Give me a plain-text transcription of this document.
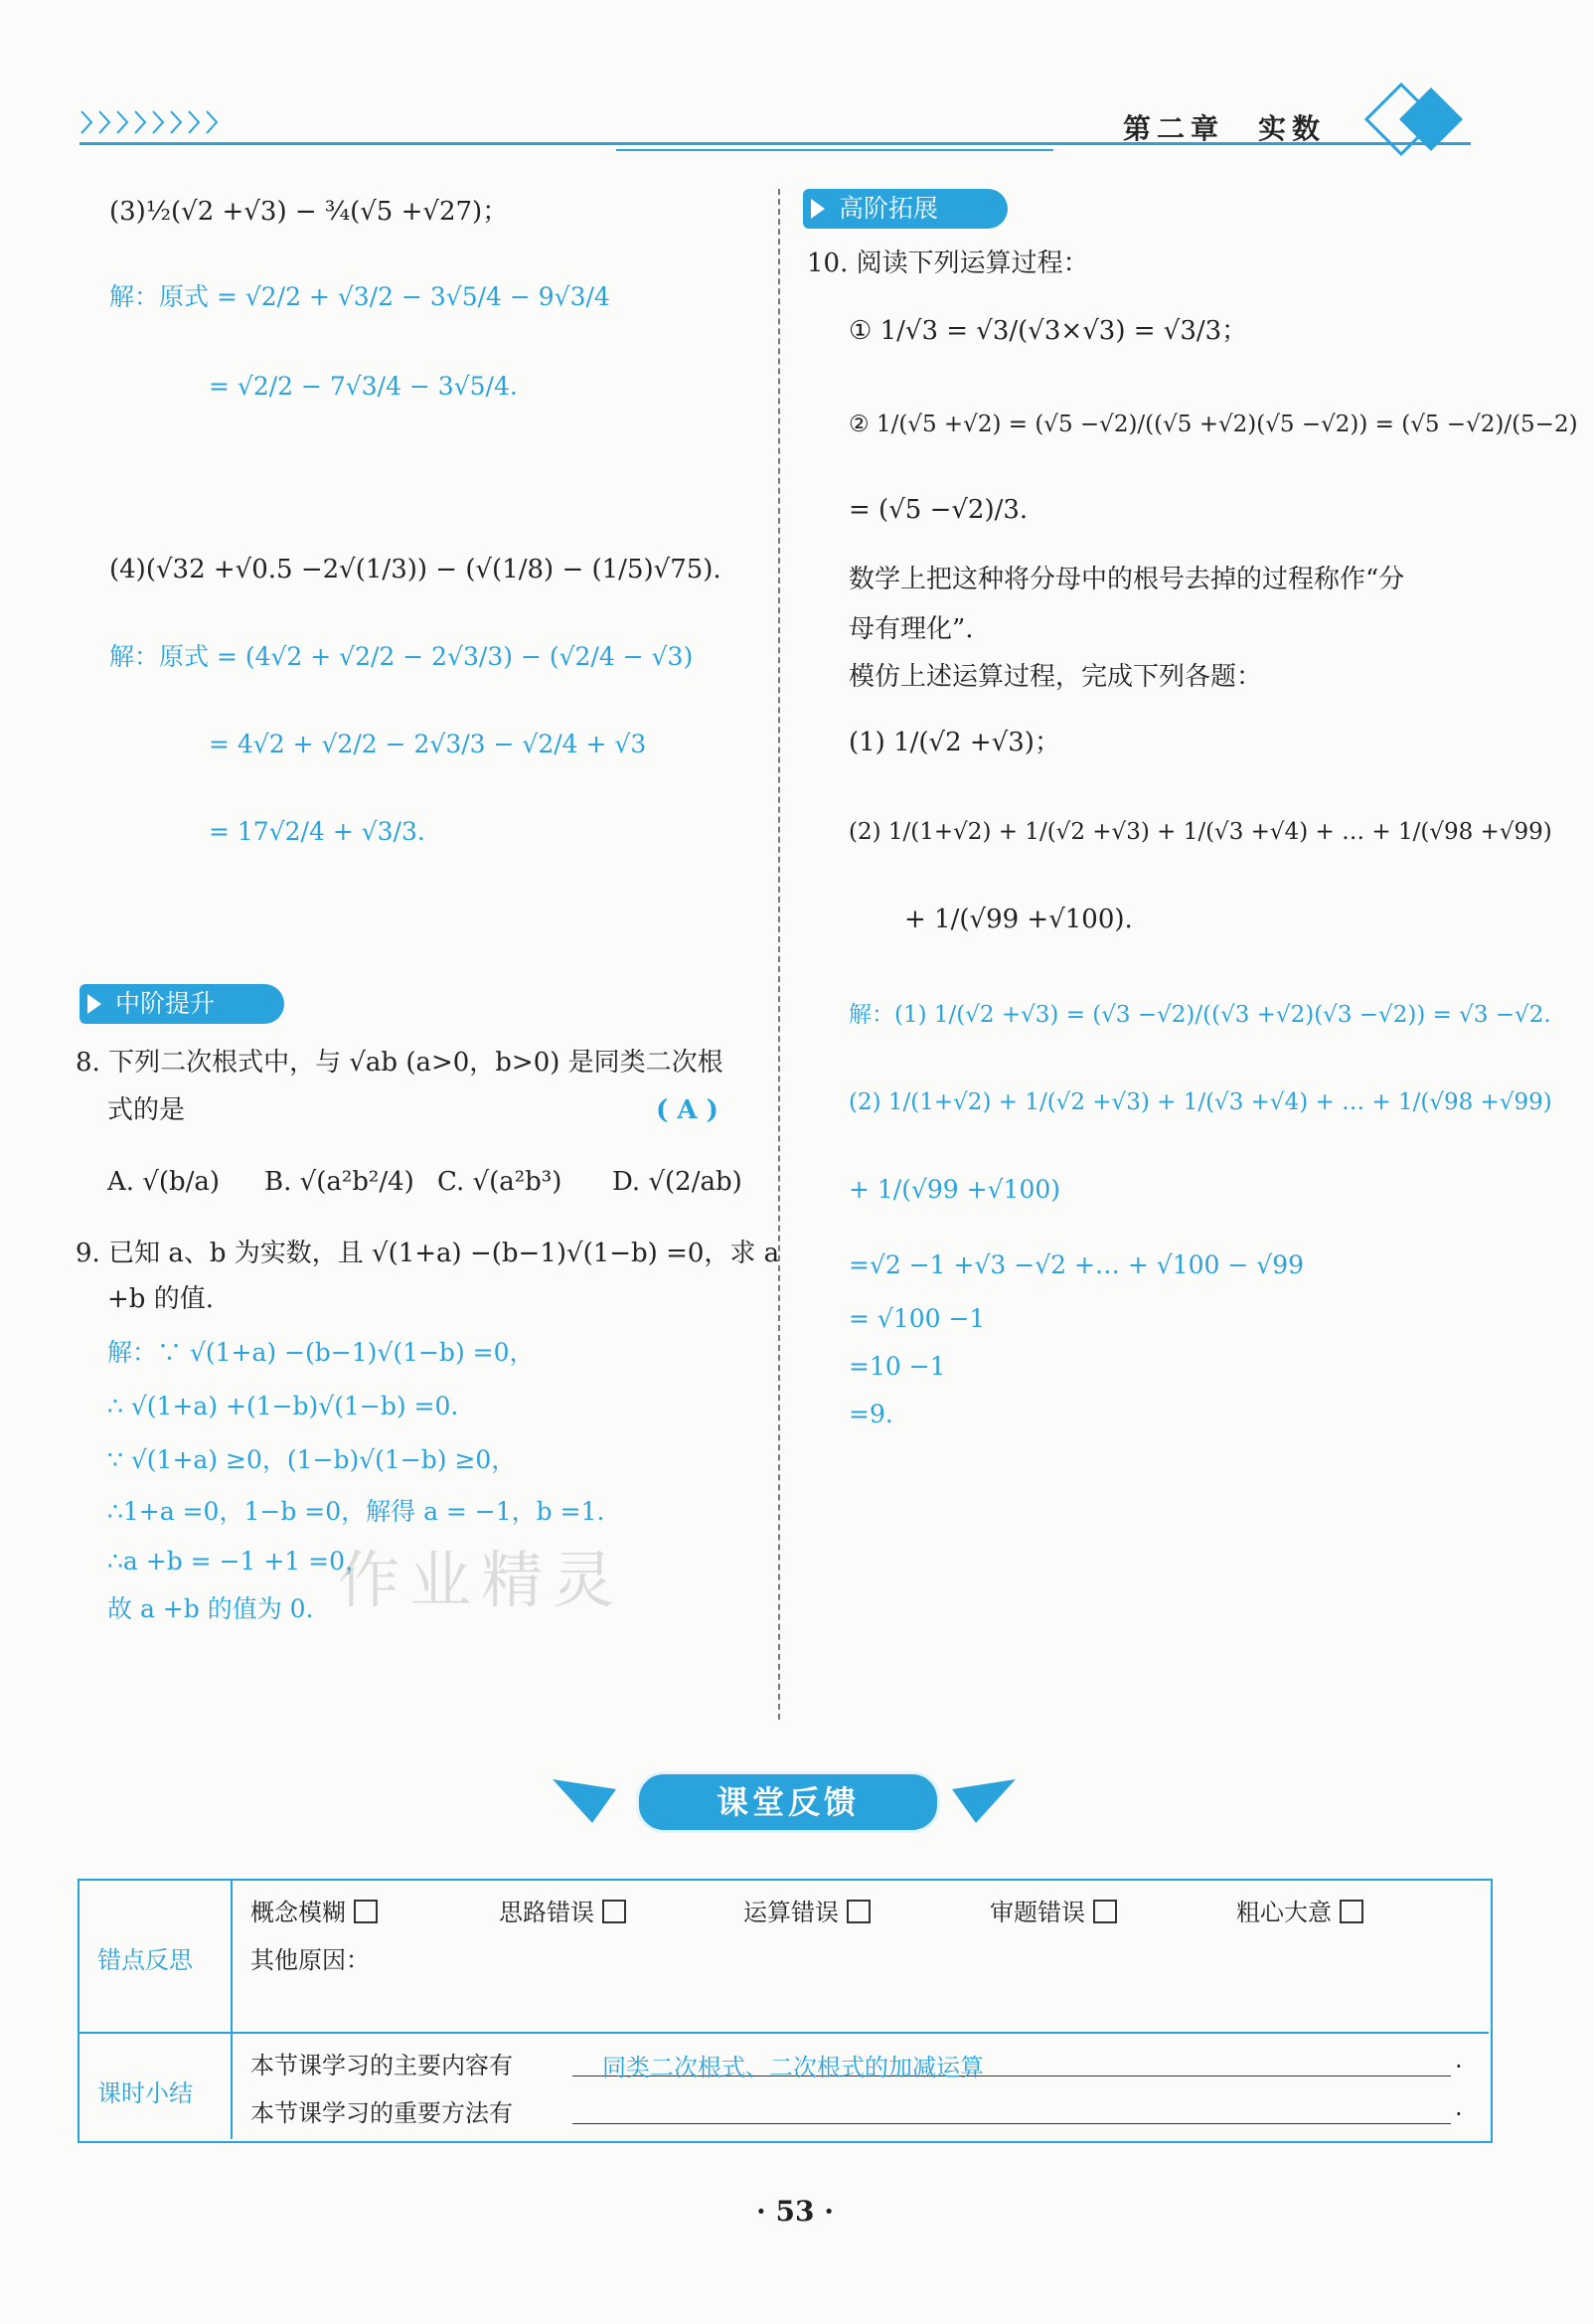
第二章　实数
(3)½(√2 +√3) − ¾(√5 +√27)；
解：原式 = √2/2 + √3/2 − 3√5/4 − 9√3/4
= √2/2 − 7√3/4 − 3√5/4.
(4)(√32 +√0.5 −2√(1/3)) − (√(1/8) − (1/5)√75).
解：原式 = (4√2 + √2/2 − 2√3/3) − (√2/4 − √3)
= 4√2 + √2/2 − 2√3/3 − √2/4 + √3
= 17√2/4 + √3/3.
中阶提升
8. 下列二次根式中，与 √ab (a>0，b>0) 是同类二次根
式的是	( A )
A. √(b/a) B. √(a²b²/4) C. √(a²b³) D. √(2/ab)
9. 已知 a、b 为实数，且 √(1+a) −(b−1)√(1−b) =0，求 a
+b 的值.
解：∵ √(1+a) −(b−1)√(1−b) =0，
∴ √(1+a) +(1−b)√(1−b) =0.
∵ √(1+a) ≥0，(1−b)√(1−b) ≥0，
∴1+a =0，1−b =0，解得 a = −1，b =1.
∴a +b = −1 +1 =0，
故 a +b 的值为 0. 作业精灵
高阶拓展
10. 阅读下列运算过程：
① 1/√3 = √3/(√3×√3) = √3/3；
② 1/(√5 +√2) = (√5 −√2)/((√5 +√2)(√5 −√2)) = (√5 −√2)/(5−2)
= (√5 −√2)/3.
数学上把这种将分母中的根号去掉的过程称作“分
母有理化”.
模仿上述运算过程，完成下列各题：
(1) 1/(√2 +√3)；
(2) 1/(1+√2) + 1/(√2 +√3) + 1/(√3 +√4) + … + 1/(√98 +√99)
+ 1/(√99 +√100).
解：(1) 1/(√2 +√3) = (√3 −√2)/((√3 +√2)(√3 −√2)) = √3 −√2.
(2) 1/(1+√2) + 1/(√2 +√3) + 1/(√3 +√4) + … + 1/(√98 +√99)
+ 1/(√99 +√100)
=√2 −1 +√3 −√2 +… + √100 − √99
= √100 −1
=10 −1
=9.
课堂反馈
错点反思
概念模糊	思路错误	运算错误	审题错误	粗心大意
其他原因：
课时小结
本节课学习的主要内容有	同类二次根式、二次根式的加减运算	.
本节课学习的重要方法有	.
· 53 ·
